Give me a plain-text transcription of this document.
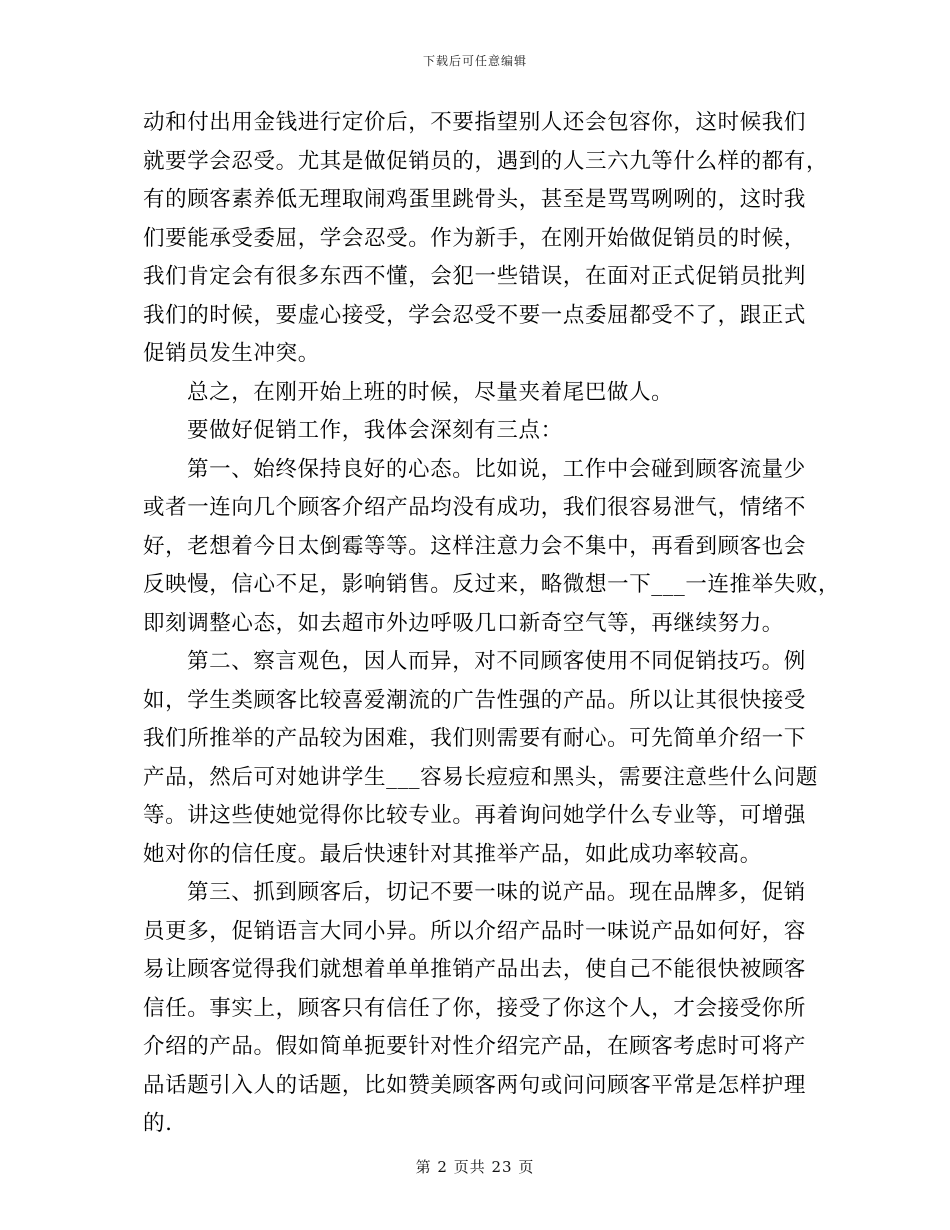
下载后可任意编辑
动和付出用金钱进行定价后，不要指望别人还会包容你，这时候我们
就要学会忍受。尤其是做促销员的，遇到的人三六九等什么样的都有，
有的顾客素养低无理取闹鸡蛋里跳骨头，甚至是骂骂咧咧的，这时我
们要能承受委屈，学会忍受。作为新手，在刚开始做促销员的时候，
我们肯定会有很多东西不懂，会犯一些错误，在面对正式促销员批判
我们的时候，要虚心接受，学会忍受不要一点委屈都受不了，跟正式
促销员发生冲突。
总之，在刚开始上班的时候，尽量夹着尾巴做人。
要做好促销工作，我体会深刻有三点：
第一、始终保持良好的心态。比如说，工作中会碰到顾客流量少
或者一连向几个顾客介绍产品均没有成功，我们很容易泄气，情绪不
好，老想着今日太倒霉等等。这样注意力会不集中，再看到顾客也会
反映慢，信心不足，影响销售。反过来，略微想一下___一连推举失败，
即刻调整心态，如去超市外边呼吸几口新奇空气等，再继续努力。
第二、察言观色，因人而异，对不同顾客使用不同促销技巧。例
如，学生类顾客比较喜爱潮流的广告性强的产品。所以让其很快接受
我们所推举的产品较为困难，我们则需要有耐心。可先简单介绍一下
产品，然后可对她讲学生___容易长痘痘和黑头，需要注意些什么问题
等。讲这些使她觉得你比较专业。再着询问她学什么专业等，可增强
她对你的信任度。最后快速针对其推举产品，如此成功率较高。
第三、抓到顾客后，切记不要一味的说产品。现在品牌多，促销
员更多，促销语言大同小异。所以介绍产品时一味说产品如何好，容
易让顾客觉得我们就想着单单推销产品出去，使自己不能很快被顾客
信任。事实上，顾客只有信任了你，接受了你这个人，才会接受你所
介绍的产品。假如简单扼要针对性介绍完产品，在顾客考虑时可将产
品话题引入人的话题，比如赞美顾客两句或问问顾客平常是怎样护理
的.
第 2 页共 23 页
